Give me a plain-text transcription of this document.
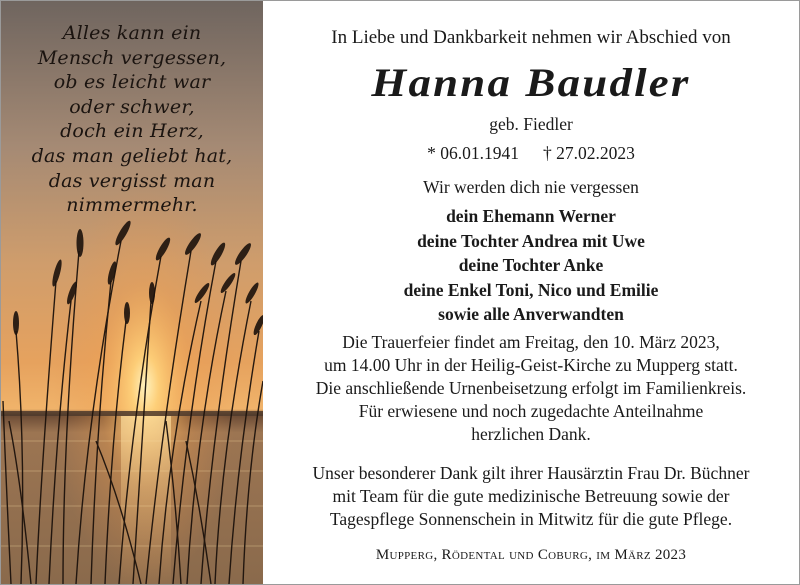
Alles kann ein
Mensch vergessen,
ob es leicht war
oder schwer,
doch ein Herz,
das man geliebt hat,
das vergisst man
nimmermehr.
In Liebe und Dankbarkeit nehmen wir Abschied von
Hanna Baudler
geb. Fiedler
* 06.01.1941 † 27.02.2023
Wir werden dich nie vergessen
dein Ehemann Werner
deine Tochter Andrea mit Uwe
deine Tochter Anke
deine Enkel Toni, Nico und Emilie
sowie alle Anverwandten
Die Trauerfeier findet am Freitag, den 10. März 2023,
um 14.00 Uhr in der Heilig-Geist-Kirche zu Mupperg statt.
Die anschließende Urnenbeisetzung erfolgt im Familienkreis.
Für erwiesene und noch zugedachte Anteilnahme
herzlichen Dank.
Unser besonderer Dank gilt ihrer Hausärztin Frau Dr. Büchner
mit Team für die gute medizinische Betreuung sowie der
Tagespflege Sonnenschein in Mitwitz für die gute Pflege.
Mupperg, Rödental und Coburg, im März 2023
